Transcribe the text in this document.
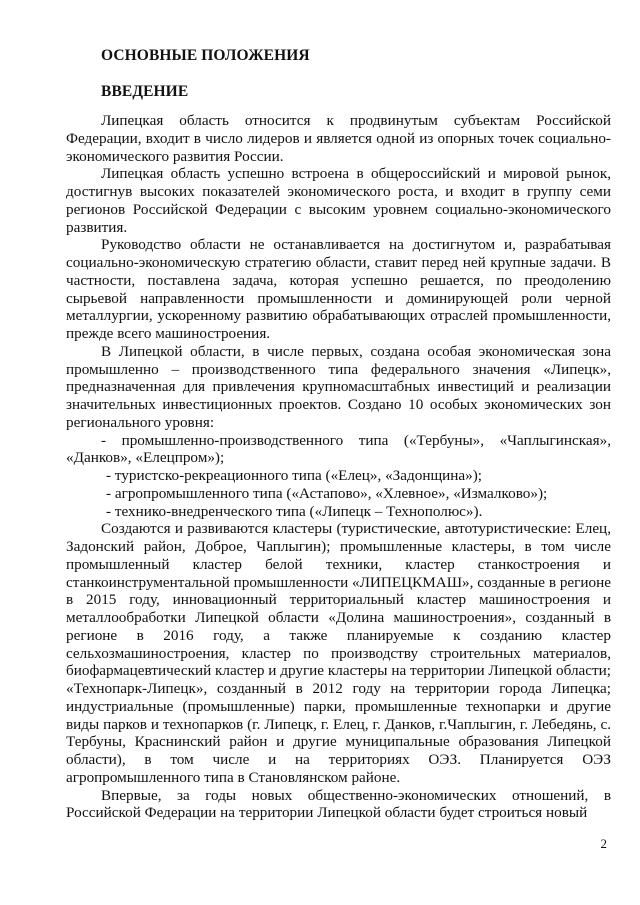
ОСНОВНЫЕ ПОЛОЖЕНИЯ
ВВЕДЕНИЕ

Липецкая область относится к продвинутым субъектам Российской Федерации, входит в число лидеров и является одной из опорных точек социально-экономического развития России.

Липецкая область успешно встроена в общероссийский и мировой рынок, достигнув высоких показателей экономического роста, и входит в группу семи регионов Российской Федерации с высоким уровнем социально-экономического развития.

Руководство области не останавливается на достигнутом и, разрабатывая социально-экономическую стратегию области, ставит перед ней крупные задачи. В частности, поставлена задача, которая успешно решается, по преодолению сырьевой направленности промышленности и доминирующей роли черной металлургии, ускоренному развитию обрабатывающих отраслей промышленности, прежде всего машиностроения.

В Липецкой области, в числе первых, создана особая экономическая зона промышленно – производственного типа федерального значения «Липецк», предназначенная для привлечения крупномасштабных инвестиций и реализации значительных инвестиционных проектов. Создано 10 особых экономических зон регионального уровня:

- промышленно-производственного типа («Тербуны», «Чаплыгинская», «Данков», «Елецпром»);
- туристско-рекреационного типа («Елец», «Задонщина»);
- агропромышленного типа («Астапово», «Хлевное», «Измалково»);
- технико-внедренческого типа («Липецк – Технополюс»).

Создаются и развиваются кластеры (туристические, автотуристические: Елец, Задонский район, Доброе, Чаплыгин); промышленные кластеры, в том числе промышленный кластер белой техники, кластер станкостроения и станкоинструментальной промышленности «ЛИПЕЦКМАШ», созданные в регионе в 2015 году, инновационный территориальный кластер машиностроения и металлообработки Липецкой области «Долина машиностроения», созданный в регионе в 2016 году, а также планируемые к созданию кластер сельхозмашиностроения, кластер по производству строительных материалов, биофармацевтический кластер и другие кластеры на территории Липецкой области; «Технопарк-Липецк», созданный в 2012 году на территории города Липецка; индустриальные (промышленные) парки, промышленные технопарки и другие виды парков и технопарков (г. Липецк, г. Елец, г. Данков, г.Чаплыгин, г. Лебедянь, с. Тербуны, Краснинский район и другие муниципальные образования Липецкой области), в том числе и на территориях ОЭЗ. Планируется ОЭЗ агропромышленного типа в Становлянском районе.

Впервые, за годы новых общественно-экономических отношений, в Российской Федерации на территории Липецкой области будет строиться новый

2
